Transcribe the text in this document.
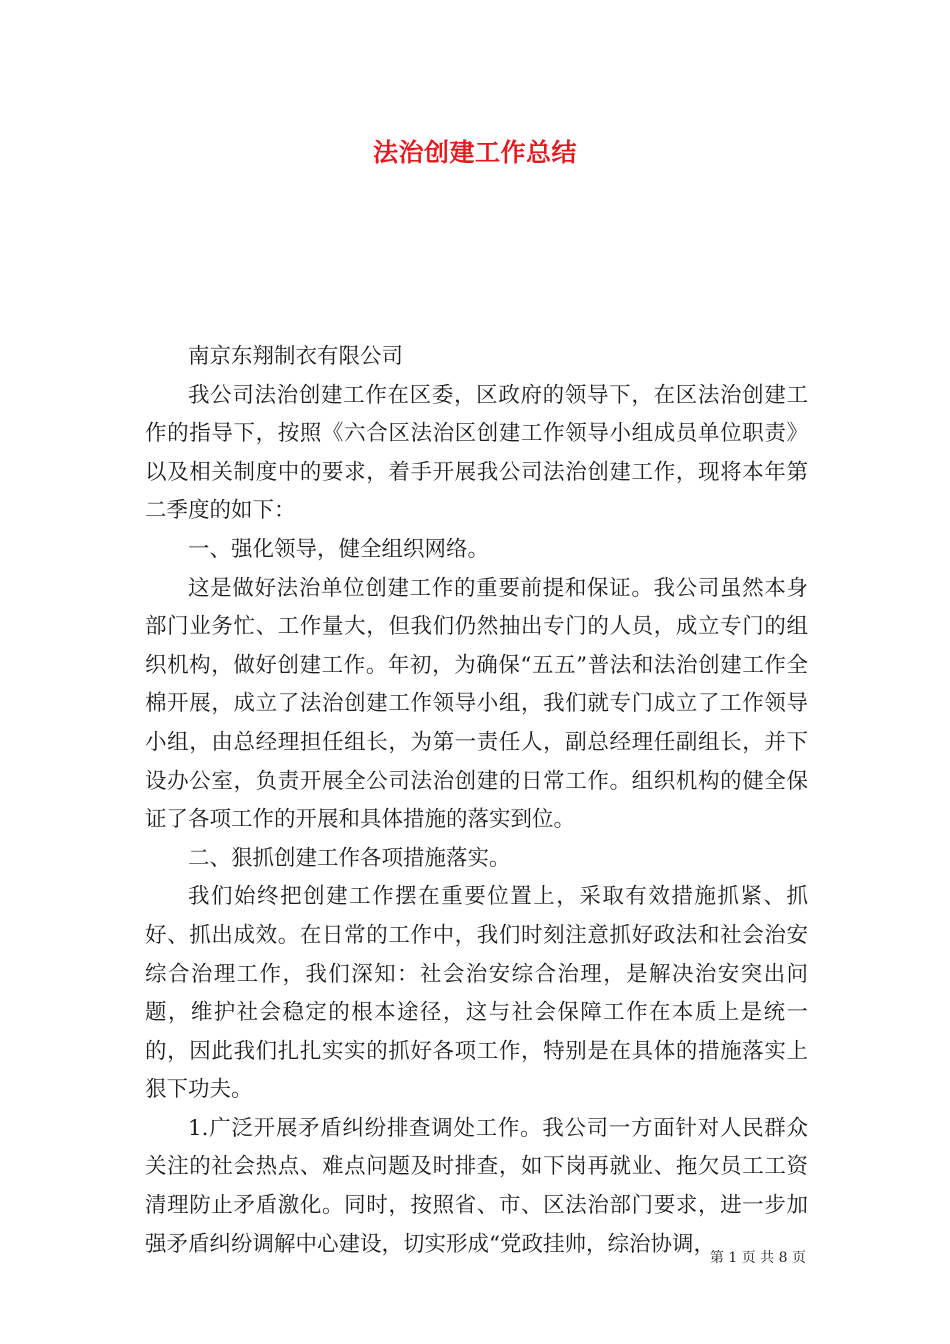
法治创建工作总结

南京东翔制衣有限公司

我公司法治创建工作在区委，区政府的领导下，在区法治创建工作的指导下，按照《六合区法治区创建工作领导小组成员单位职责》以及相关制度中的要求，着手开展我公司法治创建工作，现将本年第二季度的如下：

一、强化领导，健全组织网络。

这是做好法治单位创建工作的重要前提和保证。我公司虽然本身部门业务忙、工作量大，但我们仍然抽出专门的人员，成立专门的组织机构，做好创建工作。年初，为确保“五五”普法和法治创建工作全棉开展，成立了法治创建工作领导小组，我们就专门成立了工作领导小组，由总经理担任组长，为第一责任人，副总经理任副组长，并下设办公室，负责开展全公司法治创建的日常工作。组织机构的健全保证了各项工作的开展和具体措施的落实到位。

二、狠抓创建工作各项措施落实。

我们始终把创建工作摆在重要位置上，采取有效措施抓紧、抓好、抓出成效。在日常的工作中，我们时刻注意抓好政法和社会治安综合治理工作，我们深知：社会治安综合治理，是解决治安突出问题，维护社会稳定的根本途径，这与社会保障工作在本质上是统一的，因此我们扎扎实实的抓好各项工作，特别是在具体的措施落实上狠下功夫。

1.广泛开展矛盾纠纷排查调处工作。我公司一方面针对人民群众关注的社会热点、难点问题及时排查，如下岗再就业、拖欠员工工资清理防止矛盾激化。同时，按照省、市、区法治部门要求，进一步加强矛盾纠纷调解中心建设，切实形成“党政挂帅，综治协调，

第 1 页 共 8 页
